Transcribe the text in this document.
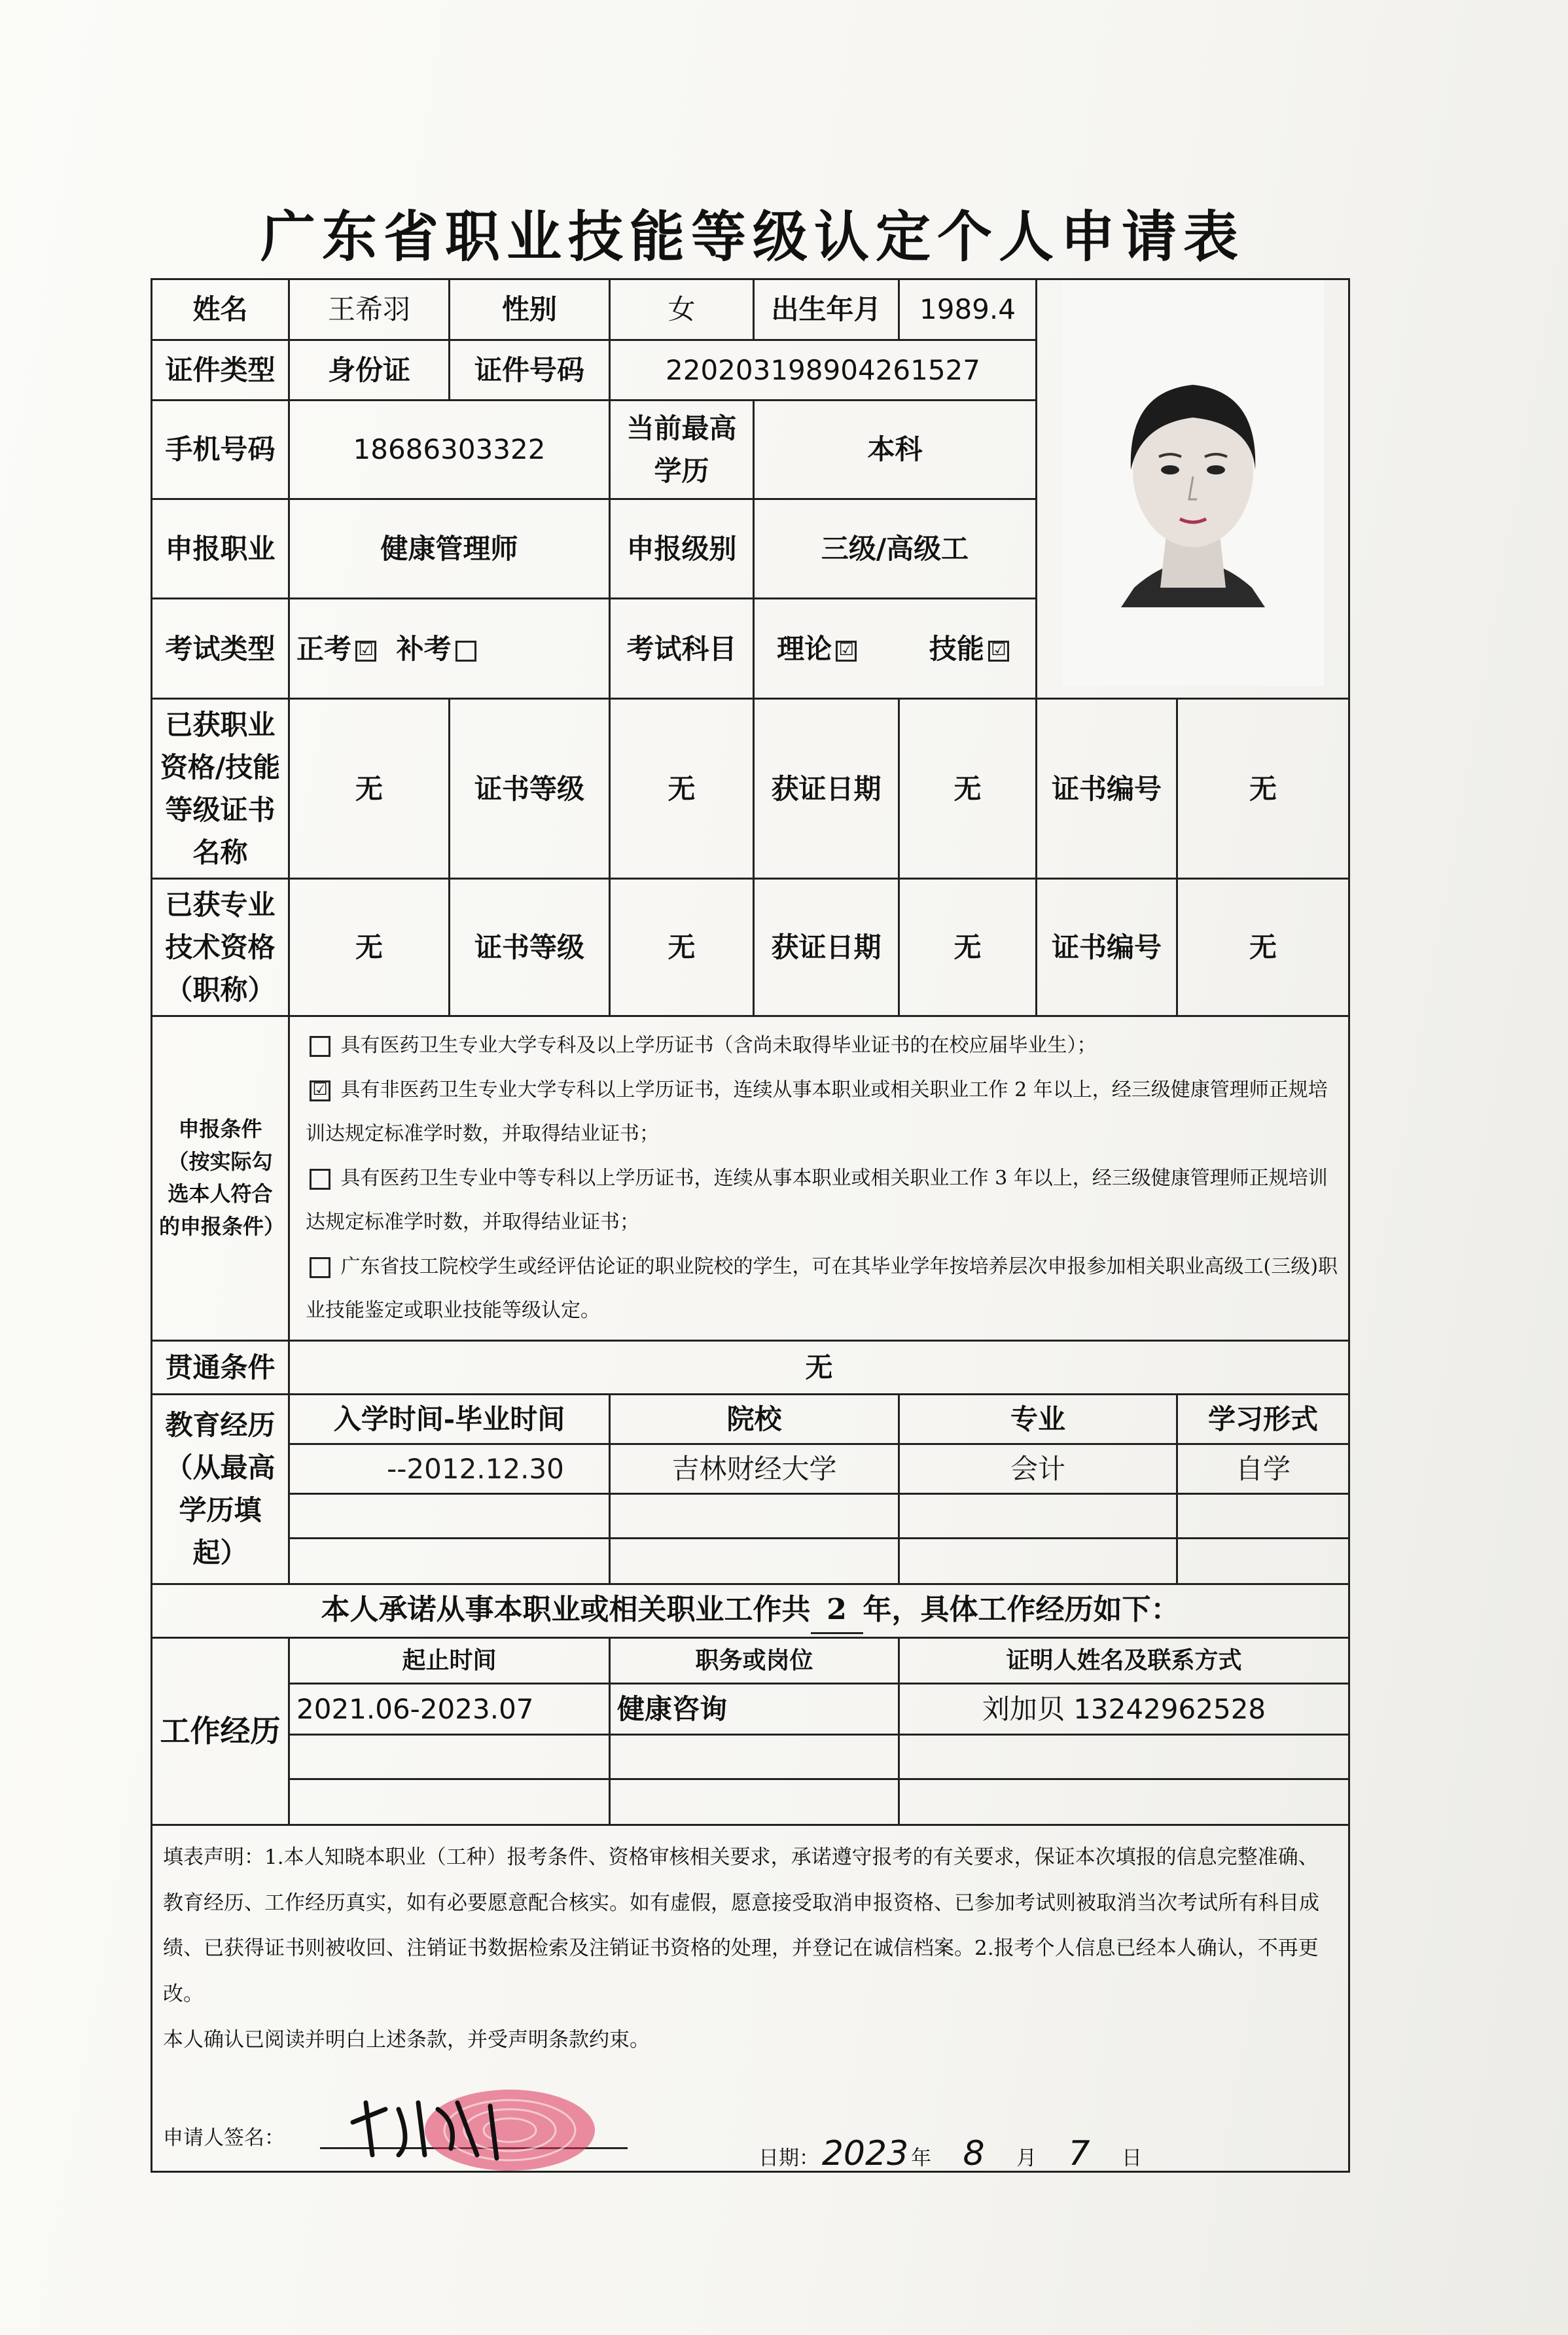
广东省职业技能等级认定个人申请表
姓名	王希羽	性别	女	出生年月	1989.4	
证件类型	身份证	证件号码	220203198904261527				
手机号码	18686303322		当前最高学历	本科			
申报职业	健康管理师		申报级别	三级/高级工			
考试类型	正考 ☑ 补考		考试科目	理论 ☑ 技能 ☑			
已获职业资格/技能等级证书名称	无	证书等级	无	获证日期	无	证书编号	无
已获专业技术资格（职称）	无	证书等级	无	获证日期	无	证书编号	无
申报条件（按实际勾选本人符合的申报条件）	具有医药卫生专业大学专科及以上学历证书（含尚未取得毕业证书的在校应届毕业生）；

☑ 具有非医药卫生专业大学专科以上学历证书，连续从事本职业或相关职业工作 2 年以上，经三级健康管理师正规培训达规定标准学时数，并取得结业证书；

具有医药卫生专业中等专科以上学历证书，连续从事本职业或相关职业工作 3 年以上，经三级健康管理师正规培训达规定标准学时数，并取得结业证书；

广东省技工院校学生或经评估论证的职业院校的学生，可在其毕业学年按培养层次申报参加相关职业高级工(三级)职业技能鉴定或职业技能等级认定。						

贯通条件	无						
教育经历（从最高学历填起）	入学时间-毕业时间		院校		专业		学习形式
	--2012.12.30		吉林财经大学		会计		自学

本人承诺从事本职业或相关职业工作共 2 年，具体工作经历如下：							
工作经历	起止时间		职务或岗位		证明人姓名及联系方式		
	2021.06-2023.07		健康咨询		刘加贝 13242962528		

填表声明：1.本人知晓本职业（工种）报考条件、资格审核相关要求，承诺遵守报考的有关要求，保证本次填报的信息完整准确、教育经历、工作经历真实，如有必要愿意配合核实。如有虚假，愿意接受取消申报资格、已参加考试则被取消当次考试所有科目成绩、已获得证书则被收回、注销证书数据检索及注销证书资格的处理，并登记在诚信档案。2.报考个人信息已经本人确认，不再更改。

本人确认已阅读并明白上述条款，并受声明条款约束。

申请人签名：
日期：2023 年 8 月 7 日							
